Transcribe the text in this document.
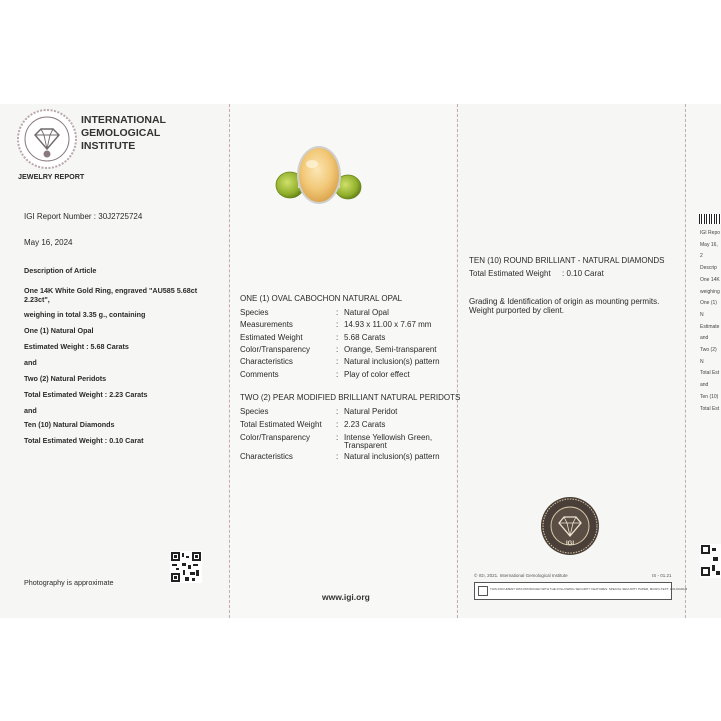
INTERNATIONAL
GEMOLOGICAL
INSTITUTE
JEWELRY REPORT
IGI Report Number : 30J2725724
May 16, 2024
Description of Article
One 14K White Gold Ring, engraved "AU585 5.68ct
2.23ct",
weighing in total 3.35 g., containing
One (1) Natural Opal
Estimated Weight : 5.68 Carats
and
Two (2) Natural Peridots
Total Estimated Weight : 2.23 Carats
and
Ten (10) Natural Diamonds
Total Estimated Weight : 0.10 Carat
Photography is approximate
ONE (1) OVAL CABOCHON NATURAL OPAL
Species	: Natural Opal
Measurements	: 14.93 x 11.00 x 7.67 mm
Estimated Weight	: 5.68 Carats
Color/Transparency	: Orange, Semi-transparent
Characteristics	: Natural inclusion(s) pattern
Comments	: Play of color effect
TWO (2) PEAR MODIFIED BRILLIANT NATURAL PERIDOTS
Species	: Natural Peridot
Total Estimated Weight : 2.23 Carats
Color/Transparency	: Intense Yellowish Green,
Transparent
Characteristics	: Natural inclusion(s) pattern
www.igi.org
TEN (10) ROUND BRILLIANT - NATURAL DIAMONDS
Total Estimated Weight : 0.10 Carat
Grading & Identification of origin as mounting permits.
Weight purported by client.
IGI
© IGI, 2021. International Gemological Institute	IS - 01.21
THIS DOCUMENT WAS PRODUCED WITH THE FOLLOWING SECURITY FEATURES: SPECIAL SECURITY PAPER, MICRO-TEXT, HOLOGRAM
IGI Repo
May 16, 2
Descrip
One 14K
weighing
One (1) N
Estimate
and
Two (2) N
Total Est
and
Ten (10)
Total Est
